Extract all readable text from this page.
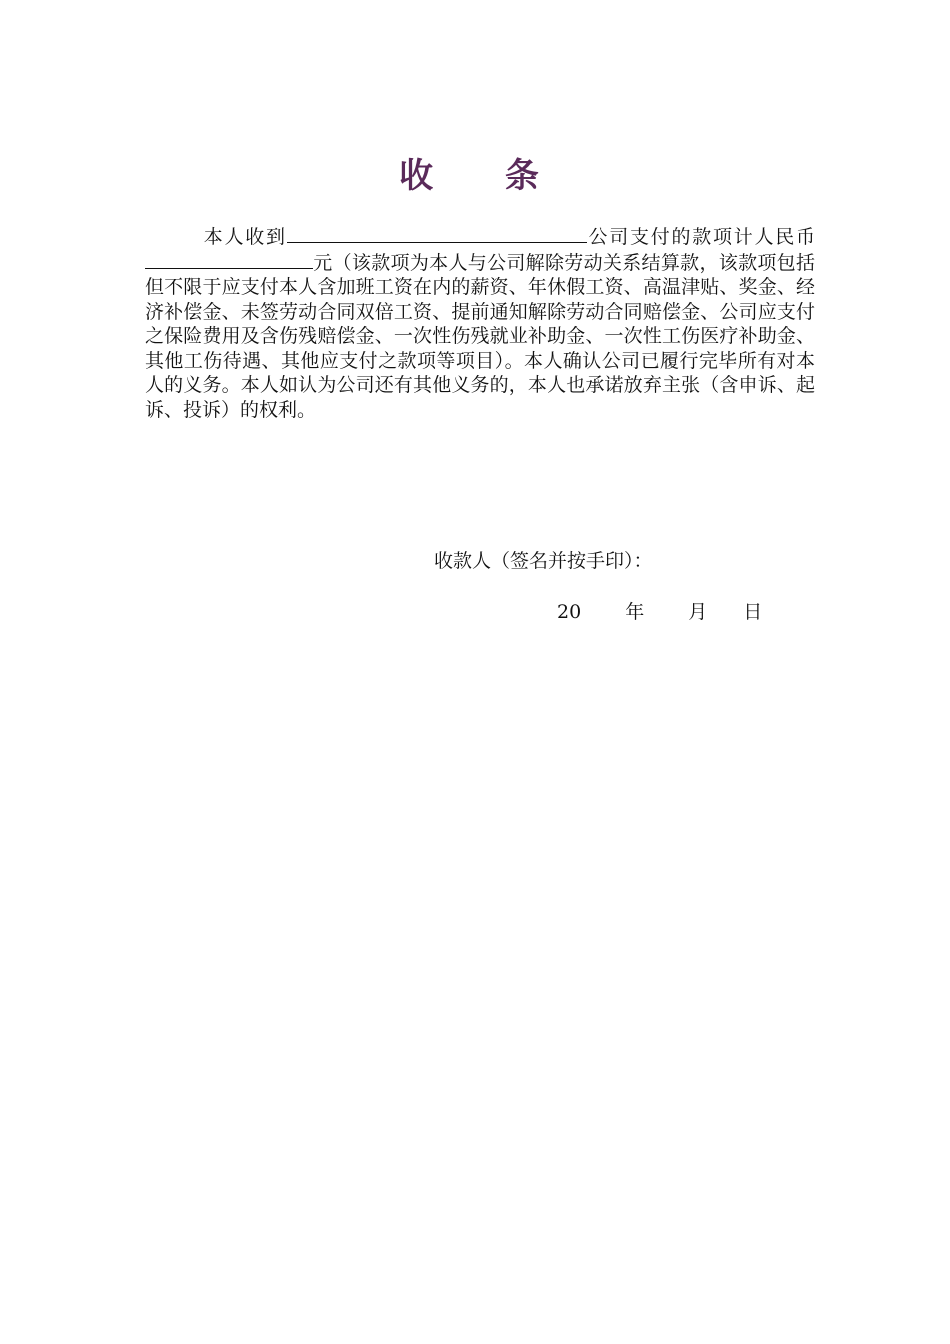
收 条
本人收到	公司支付的款项计人民币元（该款项为本人与公司解除劳动关系结算款，该款项包括但不限于应支付本人含加班工资在内的薪资、年休假工资、高温津贴、奖金、经济补偿金、未签劳动合同双倍工资、提前通知解除劳动合同赔偿金、公司应支付之保险费用及含伤残赔偿金、一次性伤残就业补助金、一次性工伤医疗补助金、其他工伤待遇、其他应支付之款项等项目）。本人确认公司已履行完毕所有对本人的义务。本人如认为公司还有其他义务的，本人也承诺放弃主张（含申诉、起诉、投诉）的权利。
收款人（签名并按手印）：
20 年 月 日
